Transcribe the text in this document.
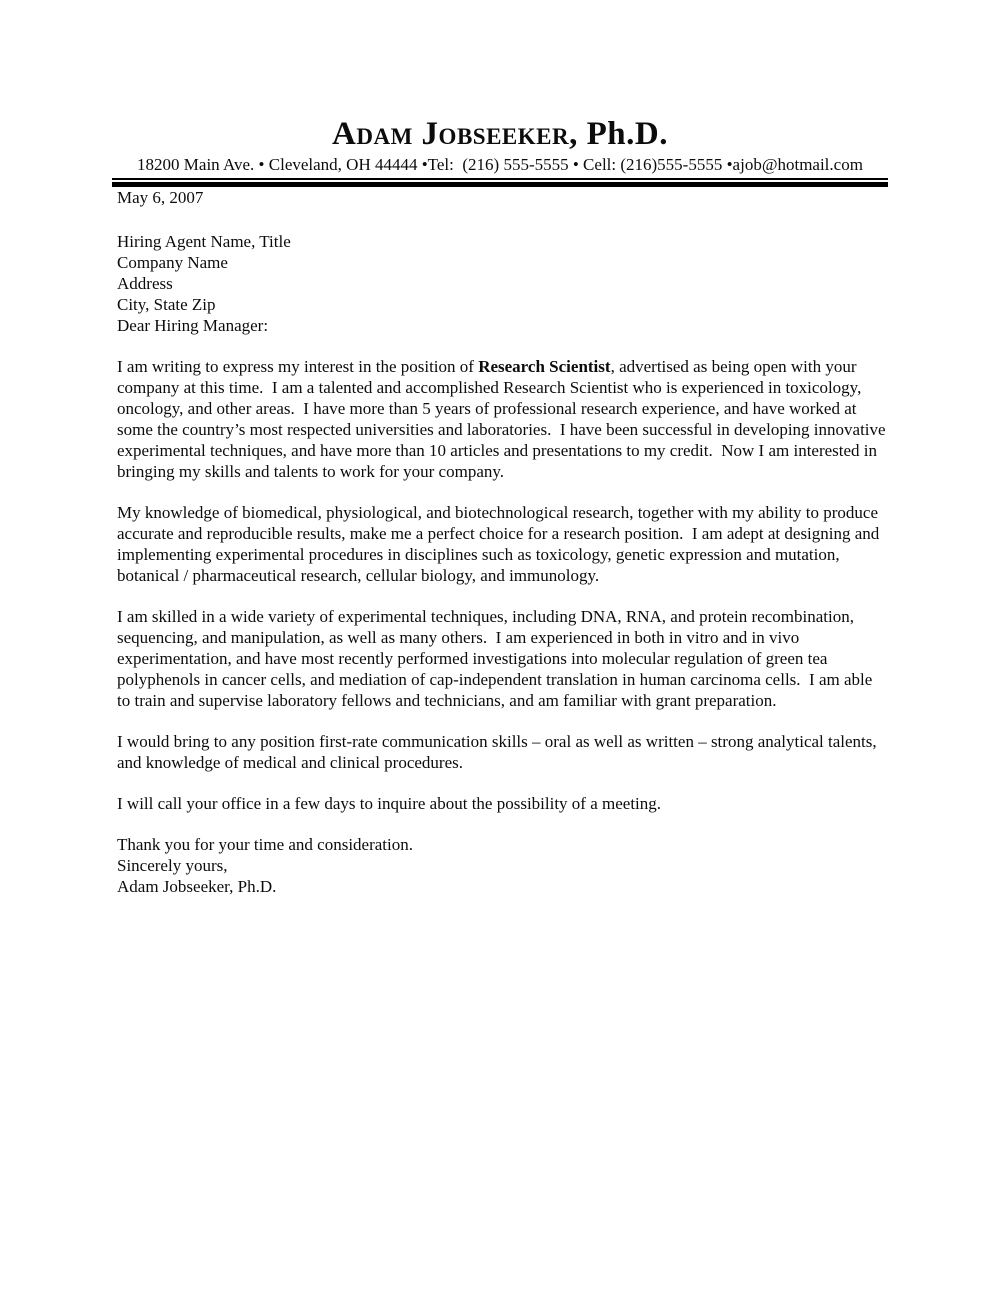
Adam Jobseeker, Ph.D.
18200 Main Ave. • Cleveland, OH 44444 •Tel:  (216) 555-5555 • Cell: (216)555-5555 •ajob@hotmail.com
May 6, 2007
Hiring Agent Name, Title
Company Name
Address
City, State Zip
Dear Hiring Manager:

I am writing to express my interest in the position of Research Scientist, advertised as being open with your company at this time.  I am a talented and accomplished Research Scientist who is experienced in toxicology, oncology, and other areas.  I have more than 5 years of professional research experience, and have worked at some the country’s most respected universities and laboratories.  I have been successful in developing innovative experimental techniques, and have more than 10 articles and presentations to my credit.  Now I am interested in bringing my skills and talents to work for your company.

My knowledge of biomedical, physiological, and biotechnological research, together with my ability to produce accurate and reproducible results, make me a perfect choice for a research position.  I am adept at designing and implementing experimental procedures in disciplines such as toxicology, genetic expression and mutation, botanical / pharmaceutical research, cellular biology, and immunology.

I am skilled in a wide variety of experimental techniques, including DNA, RNA, and protein recombination, sequencing, and manipulation, as well as many others.  I am experienced in both in vitro and in vivo experimentation, and have most recently performed investigations into molecular regulation of green tea polyphenols in cancer cells, and mediation of cap-independent translation in human carcinoma cells.  I am able to train and supervise laboratory fellows and technicians, and am familiar with grant preparation.

I would bring to any position first-rate communication skills – oral as well as written – strong analytical talents, and knowledge of medical and clinical procedures.

I will call your office in a few days to inquire about the possibility of a meeting.

Thank you for your time and consideration.

Sincerely yours,
Adam Jobseeker, Ph.D.
